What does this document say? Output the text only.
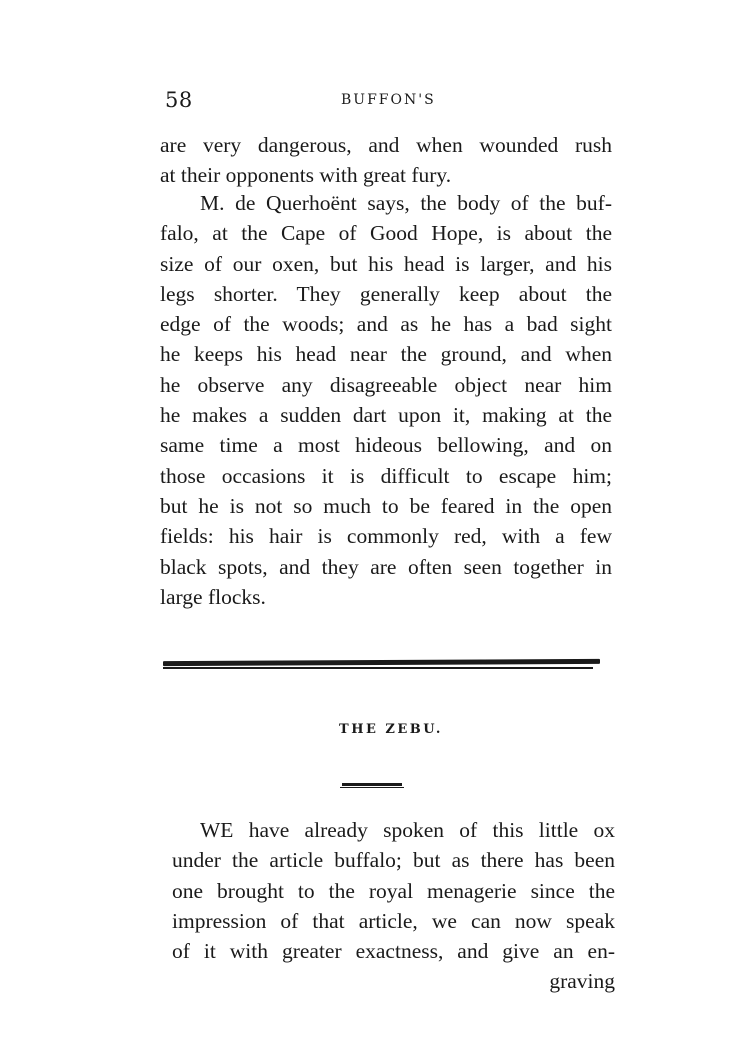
58	BUFFON'S
are very dangerous, and when wounded rush
at their opponents with great fury.
M. de Querhoënt says, the body of the buf-
falo, at the Cape of Good Hope, is about the
size of our oxen, but his head is larger, and his
legs shorter. They generally keep about the
edge of the woods; and as he has a bad sight
he keeps his head near the ground, and when
he observe any disagreeable object near him
he makes a sudden dart upon it, making at the
same time a most hideous bellowing, and on
those occasions it is difficult to escape him;
but he is not so much to be feared in the open
fields: his hair is commonly red, with a few
black spots, and they are often seen together in
large flocks.
THE ZEBU.
WE have already spoken of this little ox
under the article buffalo; but as there has been
one brought to the royal menagerie since the
impression of that article, we can now speak
of it with greater exactness, and give an en-
graving
